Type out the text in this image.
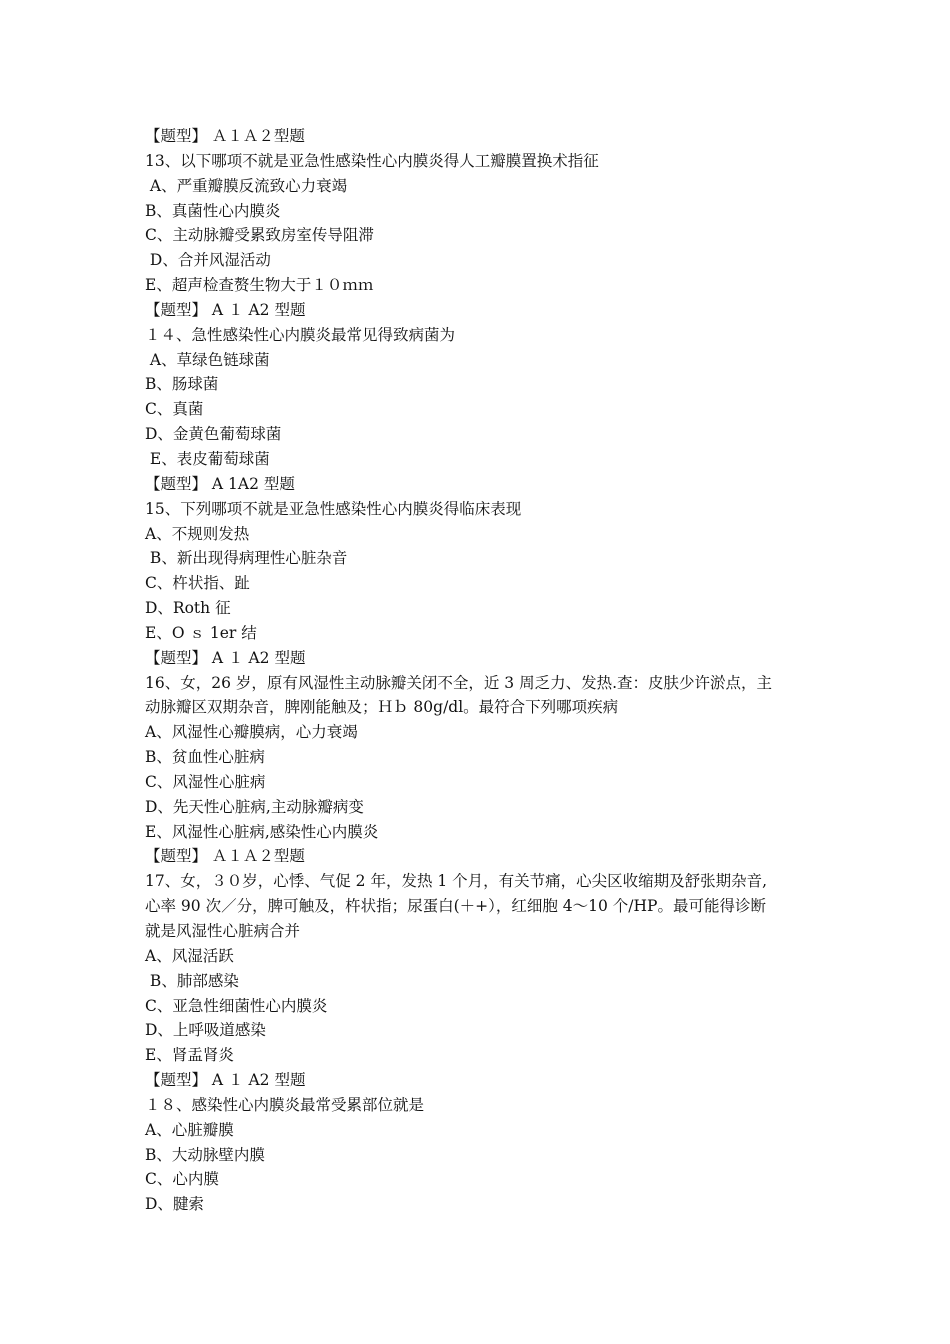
【题型】 Ａ１Ａ２型题
13、以下哪项不就是亚急性感染性心内膜炎得人工瓣膜置换术指征
A、严重瓣膜反流致心力衰竭
B、真菌性心内膜炎
C、主动脉瓣受累致房室传导阻滞
D、合并风湿活动
E、超声检查赘生物大于１０ｍｍ
【题型】 A １ A2 型题
１４、急性感染性心内膜炎最常见得致病菌为
A、草绿色链球菌
B、肠球菌
C、真菌
D、金黄色葡萄球菌
E、表皮葡萄球菌
【题型】 A 1A2 型题
15、下列哪项不就是亚急性感染性心内膜炎得临床表现
A、不规则发热
B、新出现得病理性心脏杂音
C、杵状指、趾
D、Roth 征
E、O ｓ 1er 结
【题型】 A １ A2 型题
16、女，26 岁，原有风湿性主动脉瓣关闭不全，近 3 周乏力、发热.查：皮肤少许淤点，主
动脉瓣区双期杂音，脾刚能触及；Ｈｂ 80g/dl。最符合下列哪项疾病
A、风湿性心瓣膜病，心力衰竭
B、贫血性心脏病
C、风湿性心脏病
D、先天性心脏病,主动脉瓣病变
E、风湿性心脏病,感染性心内膜炎
【题型】 Ａ１Ａ２型题
17、女，３０岁，心悸、气促 2 年，发热 1 个月，有关节痛，心尖区收缩期及舒张期杂音,
心率 90 次／分，脾可触及，杵状指；尿蛋白(＋+），红细胞 4～10 个/HP。最可能得诊断
就是风湿性心脏病合并
A、风湿活跃
B、肺部感染
C、亚急性细菌性心内膜炎
D、上呼吸道感染
E、肾盂肾炎
【题型】 A １ A2 型题
１８、感染性心内膜炎最常受累部位就是
A、心脏瓣膜
B、大动脉壁内膜
C、心内膜
D、腱索
